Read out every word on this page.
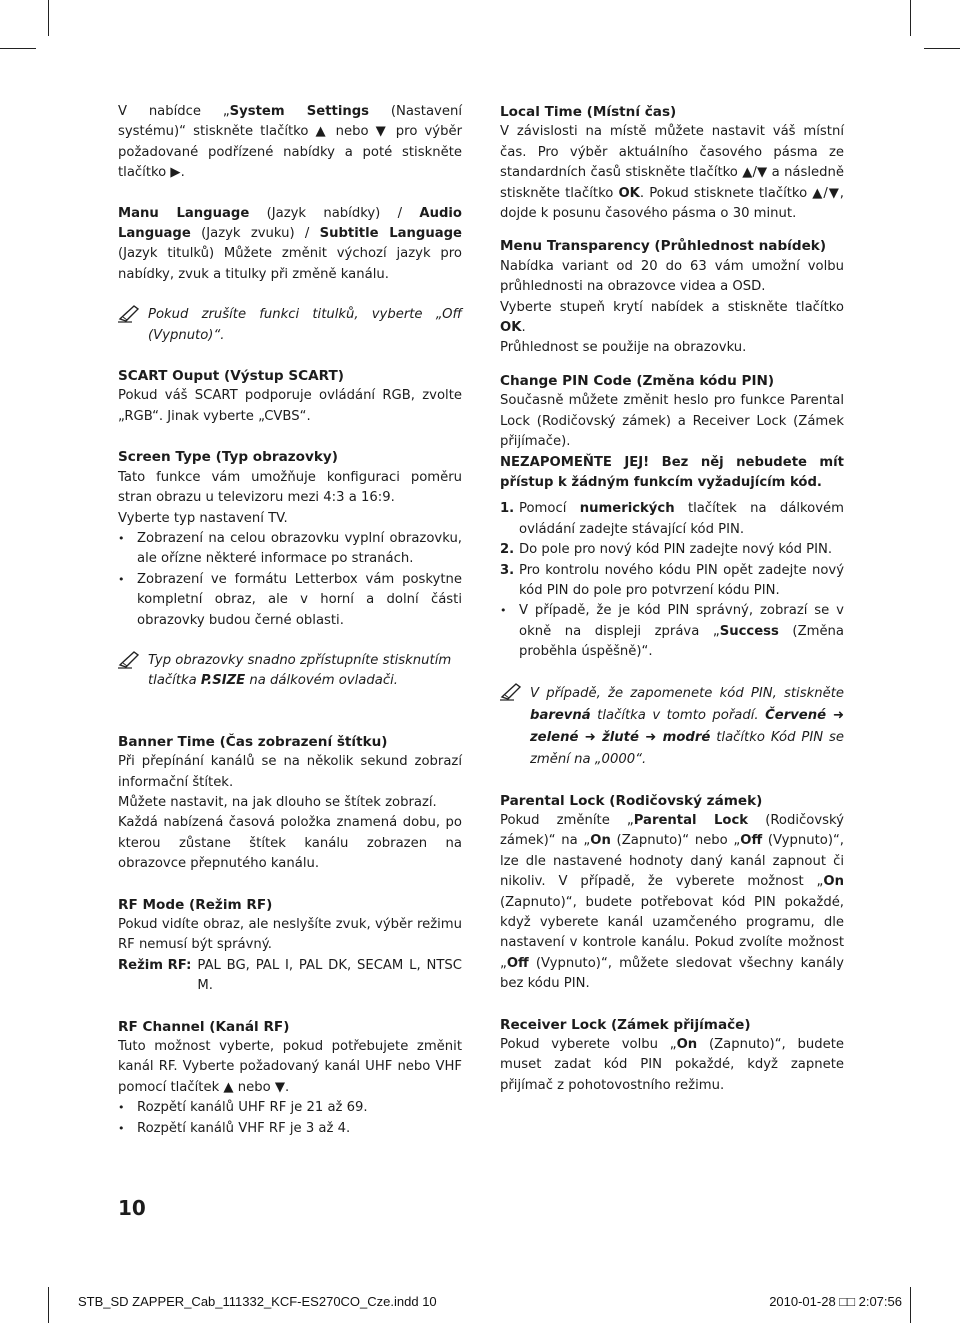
V nabídce „System Settings (Nastavení systému)“ stiskněte tlačítko ▲ nebo ▼ pro výběr požadované podřízené nabídky a poté stiskněte tlačítko ▶.

Manu Language (Jazyk nabídky) / Audio Language (Jazyk zvuku) / Subtitle Language (Jazyk titulků) Můžete změnit výchozí jazyk pro nabídky, zvuk a titulky při změně kanálu.

Pokud zrušíte funkci titulků, vyberte „Off (Vypnuto)“.

SCART Ouput (Výstup SCART)

Pokud váš SCART podporuje ovládání RGB, zvolte „RGB“. Jinak vyberte „CVBS“.

Screen Type (Typ obrazovky)

Tato funkce vám umožňuje konfiguraci poměru stran obrazu u televizoru mezi 4:3 a 16:9.

Vyberte typ nastavení TV.

• Zobrazení na celou obrazovku vyplní obrazovku, ale ořízne některé informace po stranách.
• Zobrazení ve formátu Letterbox vám poskytne kompletní obraz, ale v horní a dolní části obrazovky budou černé oblasti.

Typ obrazovky snadno zpřístupníte stisknutím tlačítka P.SIZE na dálkovém ovladači.

Banner Time (Čas zobrazení štítku)

Při přepínání kanálů se na několik sekund zobrazí informační štítek.

Můžete nastavit, na jak dlouho se štítek zobrazí.

Každá nabízená časová položka znamená dobu, po kterou zůstane štítek kanálu zobrazen na obrazovce přepnutého kanálu.

RF Mode (Režim RF)

Pokud vidíte obraz, ale neslyšíte zvuk, výběr režimu RF nemusí být správný.

Režim RF: PAL BG, PAL I, PAL DK, SECAM L, NTSC M.

RF Channel (Kanál RF)

Tuto možnost vyberte, pokud potřebujete změnit kanál RF. Vyberte požadovaný kanál UHF nebo VHF pomocí tlačítek ▲ nebo ▼.

• Rozpětí kanálů UHF RF je 21 až 69.
• Rozpětí kanálů VHF RF je 3 až 4.

Local Time (Místní čas)

V závislosti na místě můžete nastavit váš místní čas. Pro výběr aktuálního časového pásma ze standardních časů stiskněte tlačítko ▲/▼ a následně stiskněte tlačítko OK. Pokud stisknete tlačítko ▲/▼, dojde k posunu časového pásma o 30 minut.

Menu Transparency (Průhlednost nabídek)

Nabídka variant od 20 do 63 vám umožní volbu průhlednosti na obrazovce videa a OSD.

Vyberte stupeň krytí nabídek a stiskněte tlačítko OK.

Průhlednost se použije na obrazovku.

Change PIN Code (Změna kódu PIN)

Současně můžete změnit heslo pro funkce Parental Lock (Rodičovský zámek) a Receiver Lock (Zámek přijímače).

NEZAPOMEŇTE JEJ! Bez něj nebudete mít přístup k žádným funkcím vyžadujícím kód.

1. Pomocí numerických tlačítek na dálkovém ovládání zadejte stávající kód PIN.
2. Do pole pro nový kód PIN zadejte nový kód PIN.
3. Pro kontrolu nového kódu PIN opět zadejte nový kód PIN do pole pro potvrzení kódu PIN.
• V případě, že je kód PIN správný, zobrazí se v okně na displeji zpráva „Success (Změna proběhla úspěšně)“.

V případě, že zapomenete kód PIN, stiskněte barevná tlačítka v tomto pořadí. Červené ➜ zelené ➜ žluté ➜ modré tlačítko Kód PIN se změní na „0000“.

Parental Lock (Rodičovský zámek)

Pokud změníte „Parental Lock (Rodičovský zámek)“ na „On (Zapnuto)“ nebo „Off (Vypnuto)“, lze dle nastavené hodnoty daný kanál zapnout či nikoliv. V případě, že vyberete možnost „On (Zapnuto)“, budete potřebovat kód PIN pokaždé, když vyberete kanál uzamčeného programu, dle nastavení v kontrole kanálu. Pokud zvolíte možnost „Off (Vypnuto)“, můžete sledovat všechny kanály bez kódu PIN.

Receiver Lock (Zámek přijímače)

Pokud vyberete volbu „On (Zapnuto)“, budete muset zadat kód PIN pokaždé, když zapnete přijímač z pohotovostního režimu.

10
STB_SD ZAPPER_Cab_111332_KCF-ES270CO_Cze.indd 10	2010-01-28 □□ 2:07:56
